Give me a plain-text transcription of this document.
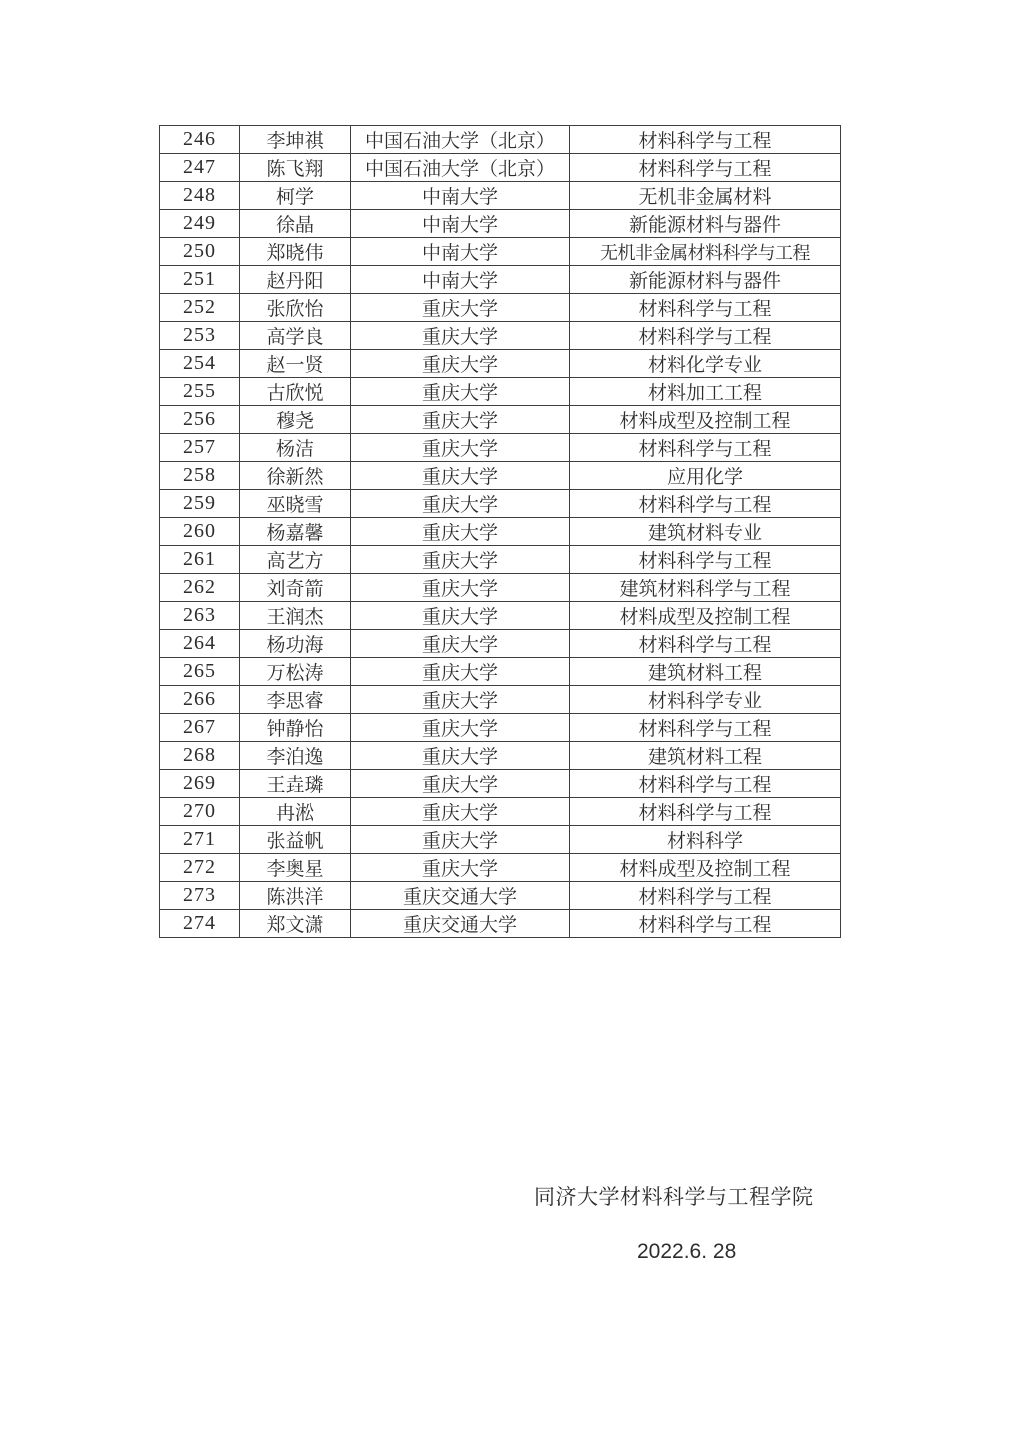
246	李坤祺	中国石油大学（北京）	材料科学与工程
247	陈飞翔	中国石油大学（北京）	材料科学与工程
248	柯学	中南大学	无机非金属材料
249	徐晶	中南大学	新能源材料与器件
250	郑晓伟	中南大学	无机非金属材料科学与工程
251	赵丹阳	中南大学	新能源材料与器件
252	张欣怡	重庆大学	材料科学与工程
253	高学良	重庆大学	材料科学与工程
254	赵一贤	重庆大学	材料化学专业
255	古欣悦	重庆大学	材料加工工程
256	穆尧	重庆大学	材料成型及控制工程
257	杨洁	重庆大学	材料科学与工程
258	徐新然	重庆大学	应用化学
259	巫晓雪	重庆大学	材料科学与工程
260	杨嘉馨	重庆大学	建筑材料专业
261	高艺方	重庆大学	材料科学与工程
262	刘奇箭	重庆大学	建筑材料科学与工程
263	王润杰	重庆大学	材料成型及控制工程
264	杨功海	重庆大学	材料科学与工程
265	万松涛	重庆大学	建筑材料工程
266	李思睿	重庆大学	材料科学专业
267	钟静怡	重庆大学	材料科学与工程
268	李泊逸	重庆大学	建筑材料工程
269	王垚璘	重庆大学	材料科学与工程
270	冉淞	重庆大学	材料科学与工程
271	张益帆	重庆大学	材料科学
272	李奥星	重庆大学	材料成型及控制工程
273	陈洪洋	重庆交通大学	材料科学与工程
274	郑文潇	重庆交通大学	材料科学与工程
同济大学材料科学与工程学院
2022.6. 28
